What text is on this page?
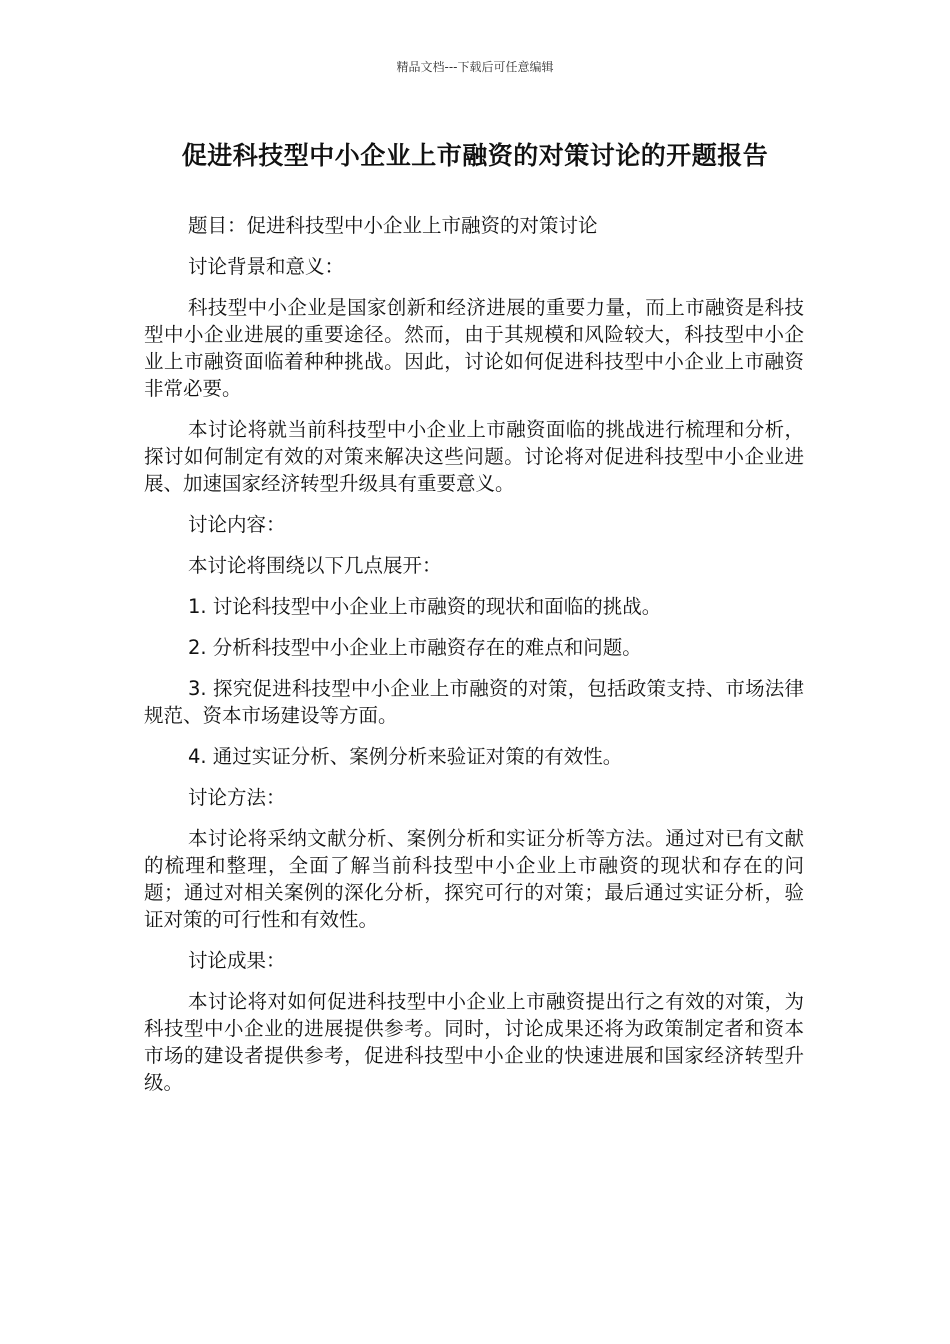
精品文档---下载后可任意编辑
促进科技型中小企业上市融资的对策讨论的开题报告

题目：促进科技型中小企业上市融资的对策讨论

讨论背景和意义：

科技型中小企业是国家创新和经济进展的重要力量，而上市融资是科技型中小企业进展的重要途径。然而，由于其规模和风险较大，科技型中小企业上市融资面临着种种挑战。因此，讨论如何促进科技型中小企业上市融资非常必要。

本讨论将就当前科技型中小企业上市融资面临的挑战进行梳理和分析，探讨如何制定有效的对策来解决这些问题。讨论将对促进科技型中小企业进展、加速国家经济转型升级具有重要意义。

讨论内容：

本讨论将围绕以下几点展开：

1. 讨论科技型中小企业上市融资的现状和面临的挑战。

2. 分析科技型中小企业上市融资存在的难点和问题。

3. 探究促进科技型中小企业上市融资的对策，包括政策支持、市场法律规范、资本市场建设等方面。

4. 通过实证分析、案例分析来验证对策的有效性。

讨论方法：

本讨论将采纳文献分析、案例分析和实证分析等方法。通过对已有文献的梳理和整理，全面了解当前科技型中小企业上市融资的现状和存在的问题；通过对相关案例的深化分析，探究可行的对策；最后通过实证分析，验证对策的可行性和有效性。

讨论成果：

本讨论将对如何促进科技型中小企业上市融资提出行之有效的对策，为科技型中小企业的进展提供参考。同时，讨论成果还将为政策制定者和资本市场的建设者提供参考，促进科技型中小企业的快速进展和国家经济转型升级。
